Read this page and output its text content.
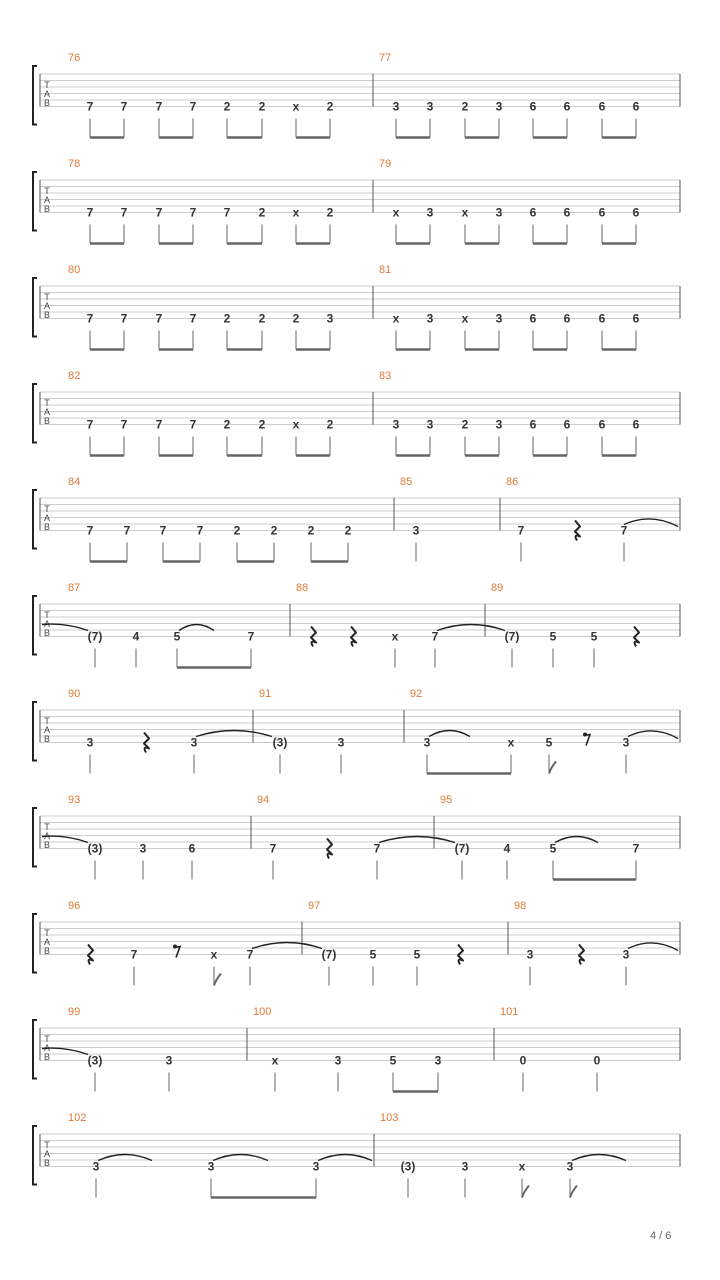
T
A
B
76	77
7 7 7 7 2 2 x 2	3 3 2 3 6 6 6 6
T
A
B
78	79
7 7 7 7 7 2 x 2	x 3 x 3 6 6 6 6
T
A
B
80	81
7 7 7 7 2 2 2 3	x 3 x 3 6 6 6 6
T
A
B
82	83
7 7 7 7 2 2 x 2	3 3 2 3 6 6 6 6
T
A
B
84	85	86
7	7 7	7	2	2	2	2	3	7	7
T
A
B
87	88	89
(7)	4	5	7	x	7	(7)	5	5
T
A
B
90	91	92
3	3	(3)	3	3	x	5	3
T
A
B
93	94	95
(3)	3	6	7	7	(7)	4	5	7
T
A
B
96	97	98
7	x 7	(7)	5	5	3	3
T
A
B
99	100	101
(3)	3	x	3	5	3	0	0
T
A
B
102	103
3	3	3	(3)	3	x	3
4 / 6
